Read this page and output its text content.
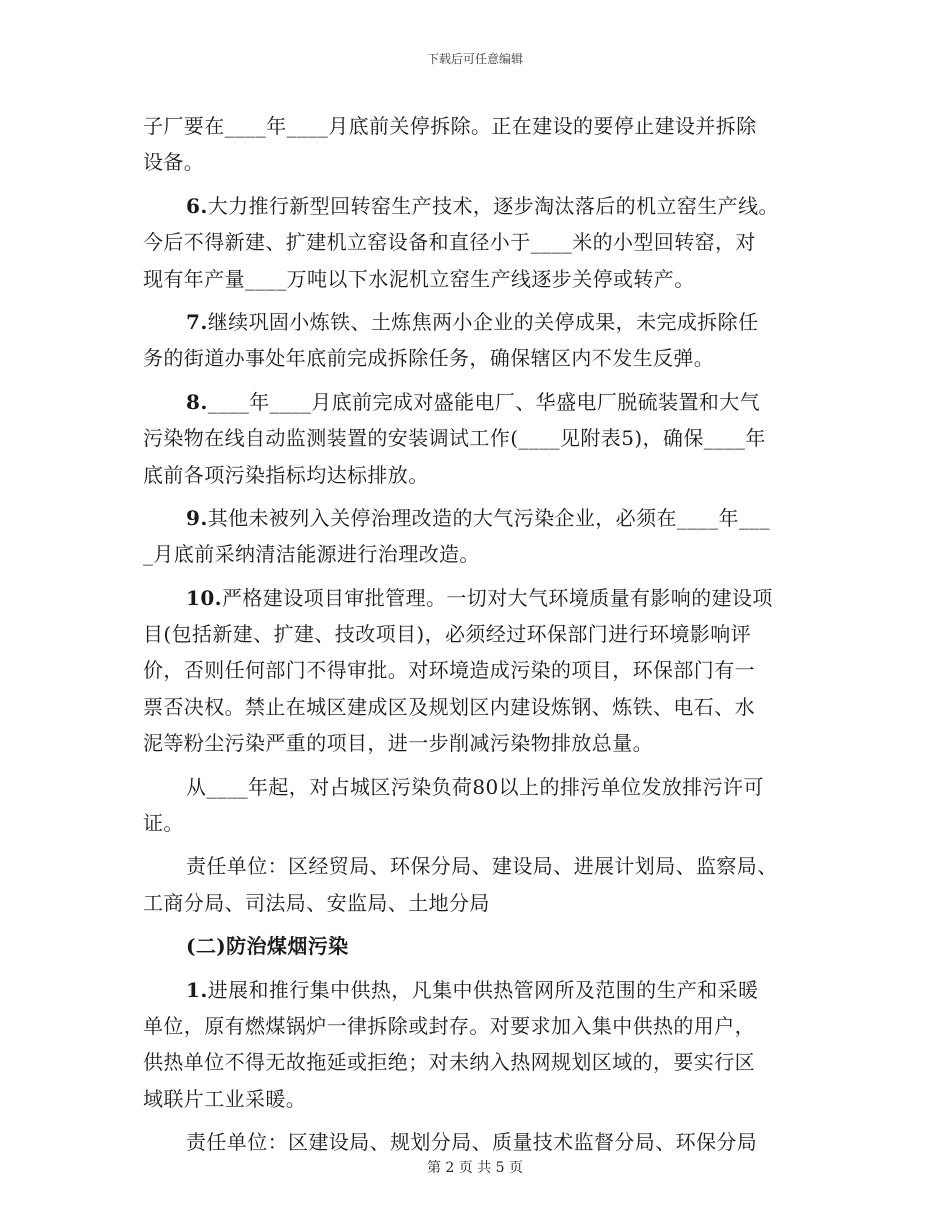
下载后可任意编辑
子厂要在____年____月底前关停拆除。正在建设的要停止建设并拆除
设备。
6.大力推行新型回转窑生产技术，逐步淘汰落后的机立窑生产线。
今后不得新建、扩建机立窑设备和直径小于____米的小型回转窑，对
现有年产量____万吨以下水泥机立窑生产线逐步关停或转产。
7.继续巩固小炼铁、土炼焦两小企业的关停成果，未完成拆除任
务的街道办事处年底前完成拆除任务，确保辖区内不发生反弹。
8.____年____月底前完成对盛能电厂、华盛电厂脱硫装置和大气
污染物在线自动监测装置的安装调试工作(____见附表5)，确保____年
底前各项污染指标均达标排放。
9.其他未被列入关停治理改造的大气污染企业，必须在____年___
_月底前采纳清洁能源进行治理改造。
10.严格建设项目审批管理。一切对大气环境质量有影响的建设项
目(包括新建、扩建、技改项目)，必须经过环保部门进行环境影响评
价，否则任何部门不得审批。对环境造成污染的项目，环保部门有一
票否决权。禁止在城区建成区及规划区内建设炼钢、炼铁、电石、水
泥等粉尘污染严重的项目，进一步削减污染物排放总量。
从____年起，对占城区污染负荷80以上的排污单位发放排污许可
证。
责任单位：区经贸局、环保分局、建设局、进展计划局、监察局、
工商分局、司法局、安监局、土地分局
(二)防治煤烟污染
1.进展和推行集中供热，凡集中供热管网所及范围的生产和采暖
单位，原有燃煤锅炉一律拆除或封存。对要求加入集中供热的用户，
供热单位不得无故拖延或拒绝；对未纳入热网规划区域的，要实行区
域联片工业采暖。
责任单位：区建设局、规划分局、质量技术监督分局、环保分局
第 2 页 共 5 页
